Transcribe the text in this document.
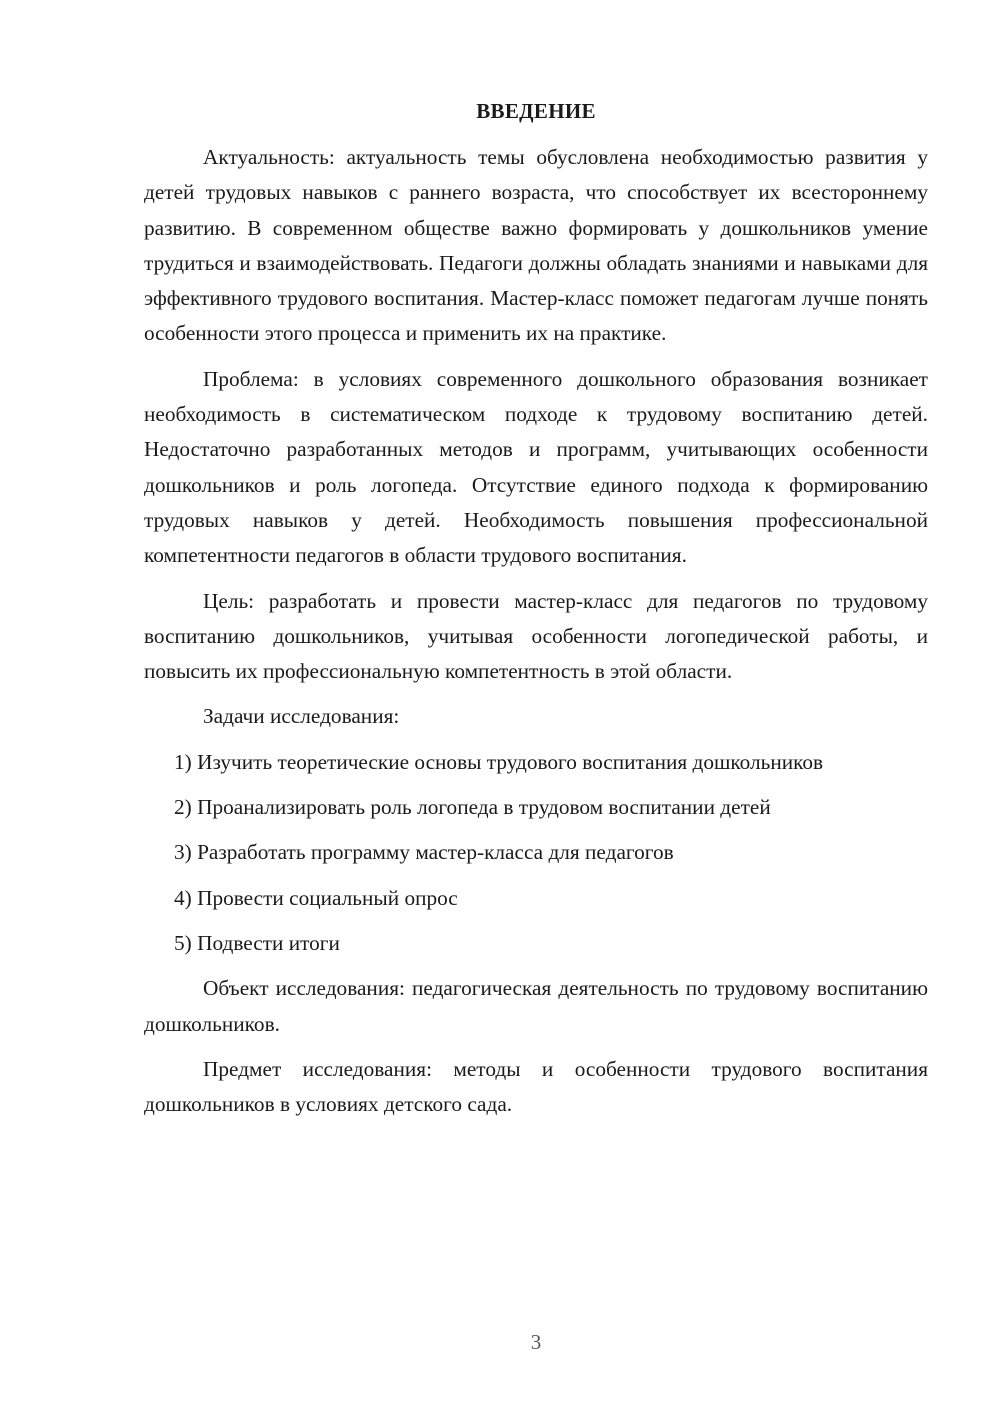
ВВЕДЕНИЕ

Актуальность: актуальность темы обусловлена необходимостью развития у детей трудовых навыков с раннего возраста, что способствует их всестороннему развитию. В современном обществе важно формировать у дошкольников умение трудиться и взаимодействовать. Педагоги должны обладать знаниями и навыками для эффективного трудового воспитания. Мастер-класс поможет педагогам лучше понять особенности этого процесса и применить их на практике.

Проблема: в условиях современного дошкольного образования возникает необходимость в систематическом подходе к трудовому воспитанию детей. Недостаточно разработанных методов и программ, учитывающих особенности дошкольников и роль логопеда. Отсутствие единого подхода к формированию трудовых навыков у детей. Необходимость повышения профессиональной компетентности педагогов в области трудового воспитания.

Цель: разработать и провести мастер-класс для педагогов по трудовому воспитанию дошкольников, учитывая особенности логопедической работы, и повысить их профессиональную компетентность в этой области.

Задачи исследования:

1) Изучить теоретические основы трудового воспитания дошкольников

2) Проанализировать роль логопеда в трудовом воспитании детей

3) Разработать программу мастер-класса для педагогов

4) Провести социальный опрос

5) Подвести итоги

Объект исследования: педагогическая деятельность по трудовому воспитанию дошкольников.

Предмет исследования: методы и особенности трудового воспитания дошкольников в условиях детского сада.

3
